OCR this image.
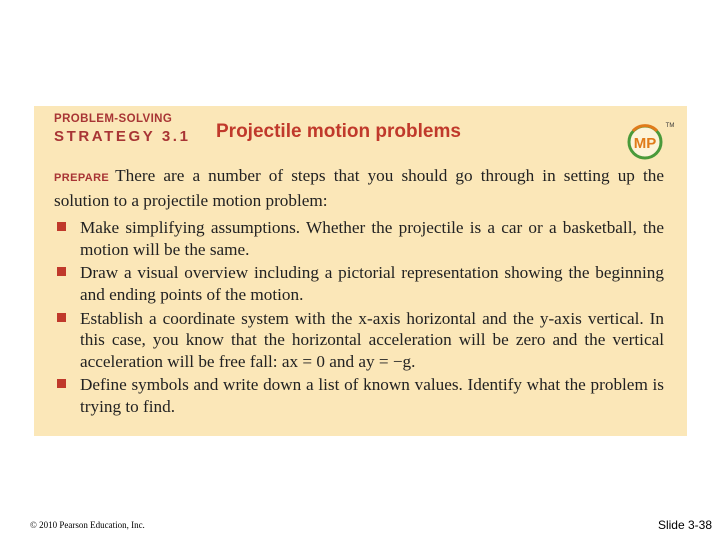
PROBLEM-SOLVING
STRATEGY 3.1 Projectile motion problems
MP
TM

PREPARE There are a number of steps that you should go through in setting up the solution to a projectile motion problem:

Make simplifying assumptions. Whether the projectile is a car or a basketball, the motion will be the same.
Draw a visual overview including a pictorial representation showing the beginning and ending points of the motion.
Establish a coordinate system with the x-axis horizontal and the y-axis vertical. In this case, you know that the horizontal acceleration will be zero and the vertical acceleration will be free fall: ax = 0 and ay = −g.
Define symbols and write down a list of known values. Identify what the problem is trying to find.
© 2010 Pearson Education, Inc.	Slide 3-38
